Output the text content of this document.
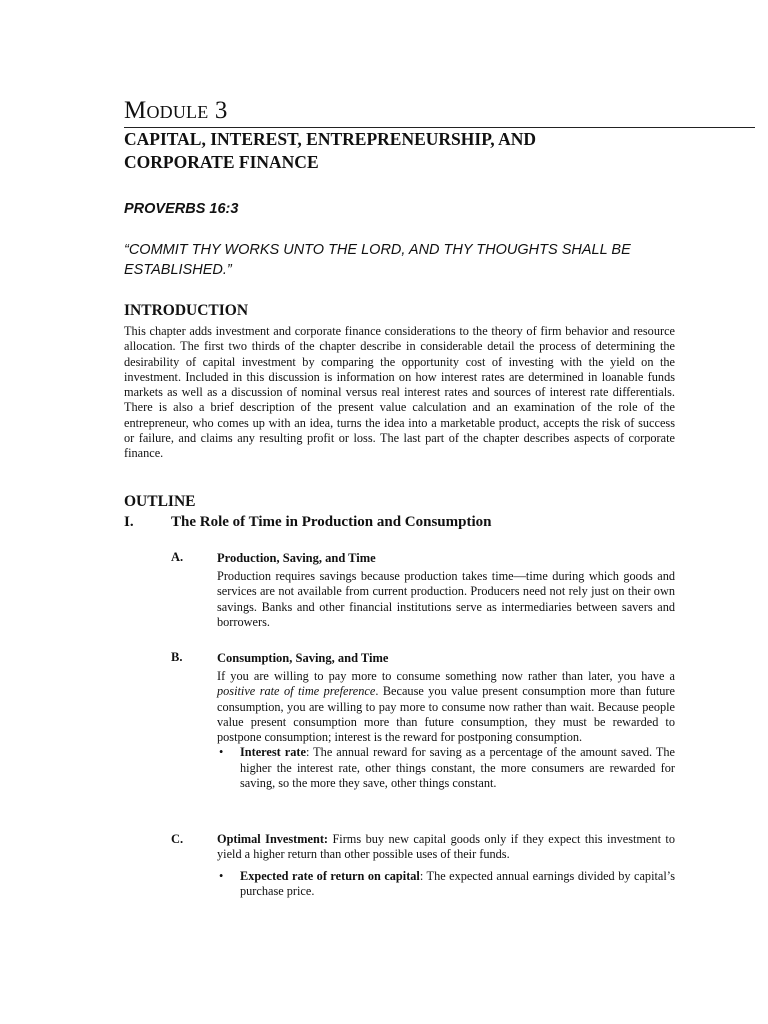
MODULE 3
CAPITAL, INTEREST, ENTREPRENEURSHIP, AND
CORPORATE FINANCE

PROVERBS 16:3

“COMMIT THY WORKS UNTO THE LORD, AND THY THOUGHTS SHALL BE ESTABLISHED.”

INTRODUCTION

This chapter adds investment and corporate finance considerations to the theory of firm behavior and resource allocation. The first two thirds of the chapter describe in considerable detail the process of determining the desirability of capital investment by comparing the opportunity cost of investing with the yield on the investment. Included in this discussion is information on how interest rates are determined in loanable funds markets as well as a discussion of nominal versus real interest rates and sources of interest rate differentials. There is also a brief description of the present value calculation and an examination of the role of the entrepreneur, who comes up with an idea, turns the idea into a marketable product, accepts the risk of success or failure, and claims any resulting profit or loss. The last part of the chapter describes aspects of corporate finance.

OUTLINE
I. The Role of Time in Production and Consumption
A.	Production, Saving, and Time

Production requires savings because production takes time—time during which goods and services are not available from current production. Producers need not rely just on their own savings. Banks and other financial institutions serve as intermediaries between savers and borrowers.

B.	Consumption, Saving, and Time

If you are willing to pay more to consume something now rather than later, you have a positive rate of time preference. Because you value present consumption more than future consumption, you are willing to pay more to consume now rather than wait. Because people value present consumption more than future consumption, they must be rewarded to postpone consumption; interest is the reward for postponing consumption.

• Interest rate: The annual reward for saving as a percentage of the amount saved. The higher the interest rate, other things constant, the more consumers are rewarded for saving, so the more they save, other things constant.

C.	Optimal Investment: Firms buy new capital goods only if they expect this investment to yield a higher return than other possible uses of their funds.

• Expected rate of return on capital: The expected annual earnings divided by capital’s purchase price.
